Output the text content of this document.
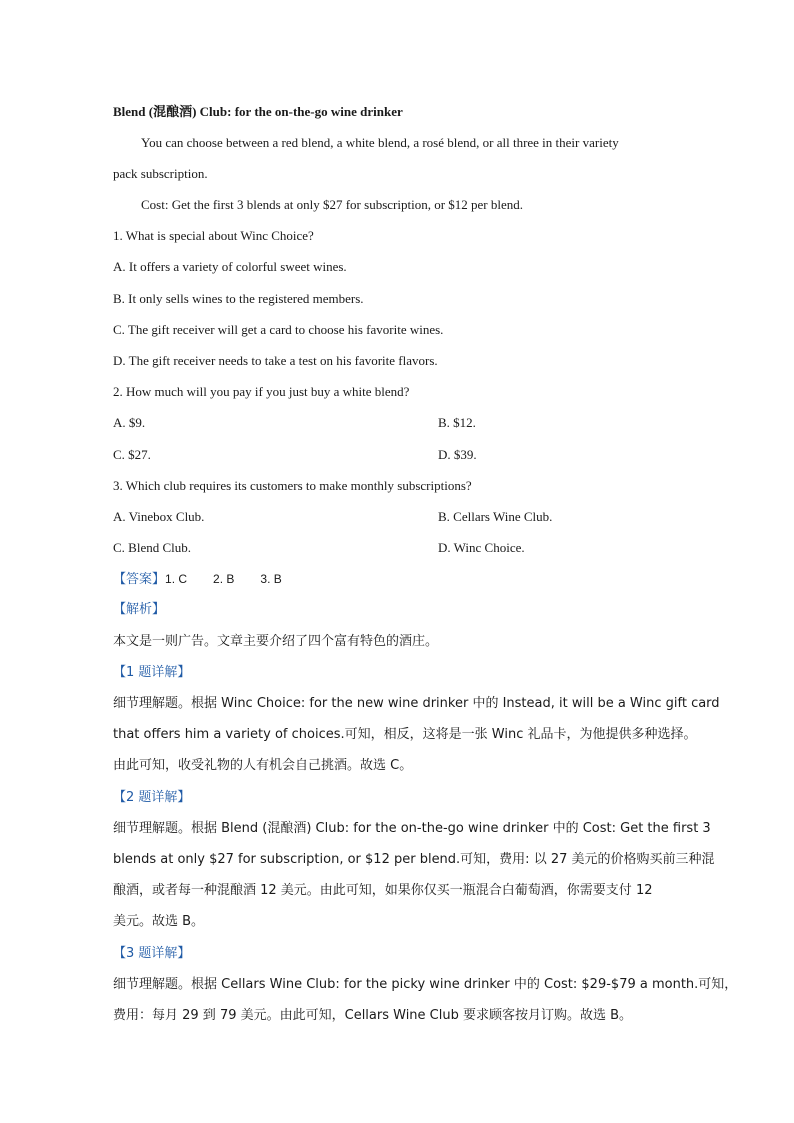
Blend (混酿酒) Club: for the on-the-go wine drinker
You can choose between a red blend, a white blend, a rosé blend, or all three in their variety
pack subscription.
Cost: Get the first 3 blends at only $27 for subscription, or $12 per blend.
1. What is special about Winc Choice?
A. It offers a variety of colorful sweet wines.
B. It only sells wines to the registered members.
C. The gift receiver will get a card to choose his favorite wines.
D. The gift receiver needs to take a test on his favorite flavors.
2. How much will you pay if you just buy a white blend?
A. $9.	B. $12.
C. $27.	D. $39.
3. Which club requires its customers to make monthly subscriptions?
A. Vinebox Club.	B. Cellars Wine Club.
C. Blend Club.	D. Winc Choice.
【答案】1. C 2. B 3. B
【解析】
本文是一则广告。文章主要介绍了四个富有特色的酒庄。
【1 题详解】
细节理解题。根据 Winc Choice: for the new wine drinker 中的 Instead, it will be a Winc gift card
that offers him a variety of choices.可知，相反，这将是一张 Winc 礼品卡，为他提供多种选择。
由此可知，收受礼物的人有机会自己挑酒。故选 C。
【2 题详解】
细节理解题。根据 Blend (混酿酒) Club: for the on-the-go wine drinker 中的 Cost: Get the first 3
blends at only $27 for subscription, or $12 per blend.可知，费用: 以 27 美元的价格购买前三种混
酿酒，或者每一种混酿酒 12 美元。由此可知，如果你仅买一瓶混合白葡萄酒，你需要支付 12
美元。故选 B。
【3 题详解】
细节理解题。根据 Cellars Wine Club: for the picky wine drinker 中的 Cost: $29-$79 a month.可知，
费用：每月 29 到 79 美元。由此可知，Cellars Wine Club 要求顾客按月订购。故选 B。
